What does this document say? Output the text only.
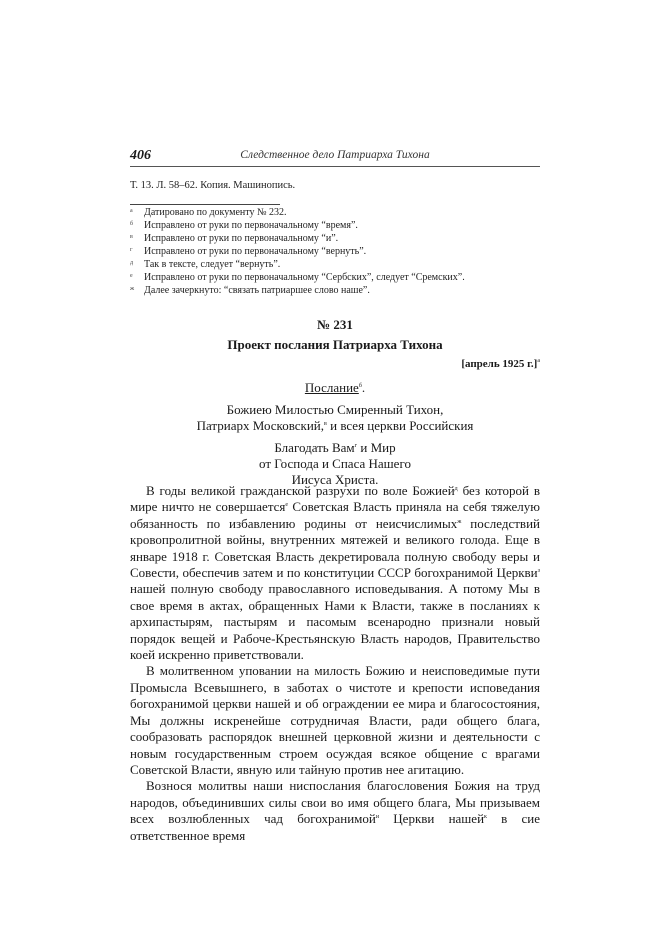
406	Следственное дело Патриарха Тихона
Т. 13. Л. 58–62. Копия. Машинопись.
а	Датировано по документу № 232.
б	Исправлено от руки по первоначальному “время”.
в	Исправлено от руки по первоначальному “и”.
г	Исправлено от руки по первоначальному “вернуть”.
д	Так в тексте, следует “вернуть”.
е	Исправлено от руки по первоначальному “Сербских”, следует “Сремских”.
ж Далее зачеркнуто: “связать патриаршее слово наше”.
№ 231
Проект послания Патриарха Тихона
[апрель 1925 г.]$^а$

Послание$^б$.

Божиею Милостью Смиренный Тихон,
Патриарх Московский,$^в$ и всея церкви Российския

Благодать Вам$^г$ и Мир
от Господа и Спаса Нашего
Иисуса Христа.

В годы великой гражданской разрухи по воле Божией$^д$ без которой в мире ничто не совершается$^е$ Советская Власть приняла на себя тяжелую обязанность по избавлению родины от неисчислимых$^ж$ последствий кровопролитной войны, внутренних мятежей и великого голода. Еще в январе 1918 г. Советская Власть декретировала полную свободу веры и Совести, обеспечив затем и по конституции СССР богохранимой Церкви$^з$ нашей полную свободу православного исповедывания. А потому Мы в свое время в актах, обращенных Нами к Власти, также в посланиях к архипастырям, пастырям и пасомым всенародно признали новый порядок вещей и Рабоче-Крестьянскую Власть народов, Правительство коей искренно приветствовали.

В молитвенном уповании на милость Божию и неисповедимые пути Промысла Всевышнего, в заботах о чистоте и крепости исповедания богохранимой церкви нашей и об ограждении ее мира и благосостояния, Мы должны искренейше сотрудничая Власти, ради общего блага, сообразовать распорядок внешней церковной жизни и деятельности с новым государственным строем осуждая всякое общение с врагами Советской Власти, явную или тайную против нее агитацию.

Вознося молитвы наши ниспослания благословения Божия на труд народов, объединивших силы свои во имя общего блага, Мы призываем всех возлюбленных чад богохранимой$^и$ Церкви нашей$^к$ в сие ответственное время
